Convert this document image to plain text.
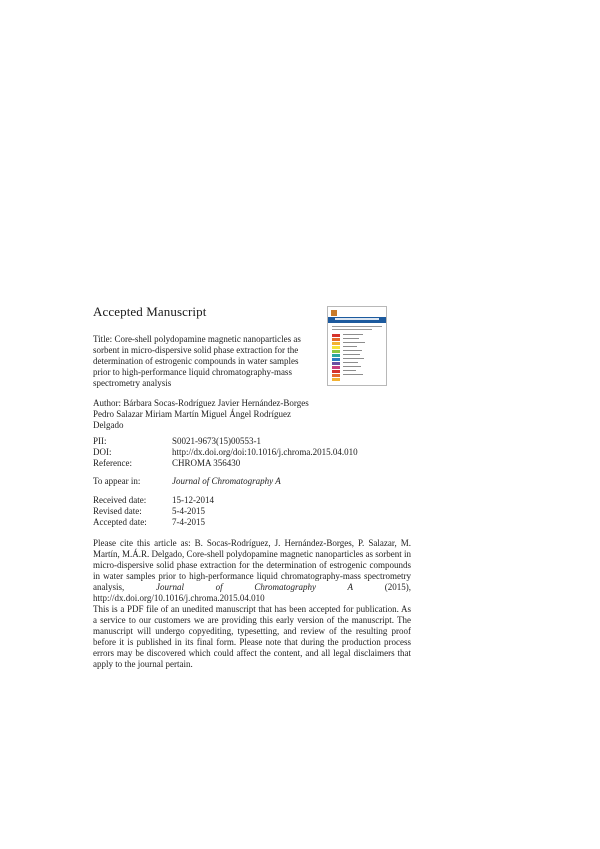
Accepted Manuscript
Title: Core-shell polydopamine magnetic nanoparticles as sorbent in micro-dispersive solid phase extraction for the determination of estrogenic compounds in water samples prior to high-performance liquid chromatography-mass spectrometry analysis
Author: Bárbara Socas-Rodríguez Javier Hernández-Borges Pedro Salazar Miriam Martín Miguel Ángel Rodríguez Delgado
PII:	S0021-9673(15)00553-1
DOI:	http://dx.doi.org/doi:10.1016/j.chroma.2015.04.010
Reference:	CHROMA 356430
To appear in:	Journal of Chromatography A
Received date:	15-12-2014
Revised date:	5-4-2015
Accepted date:	7-4-2015
Please cite this article as: B. Socas-Rodríguez, J. Hernández-Borges, P. Salazar, M. Martín, M.Á.R. Delgado, Core-shell polydopamine magnetic nanoparticles as sorbent in micro-dispersive solid phase extraction for the determination of estrogenic compounds in water samples prior to high-performance liquid chromatography-mass spectrometry analysis,	Journal of Chromatography A	(2015), http://dx.doi.org/10.1016/j.chroma.2015.04.010
This is a PDF file of an unedited manuscript that has been accepted for publication. As a service to our customers we are providing this early version of the manuscript. The manuscript will undergo copyediting, typesetting, and review of the resulting proof before it is published in its final form. Please note that during the production process errors may be discovered which could affect the content, and all legal disclaimers that apply to the journal pertain.
